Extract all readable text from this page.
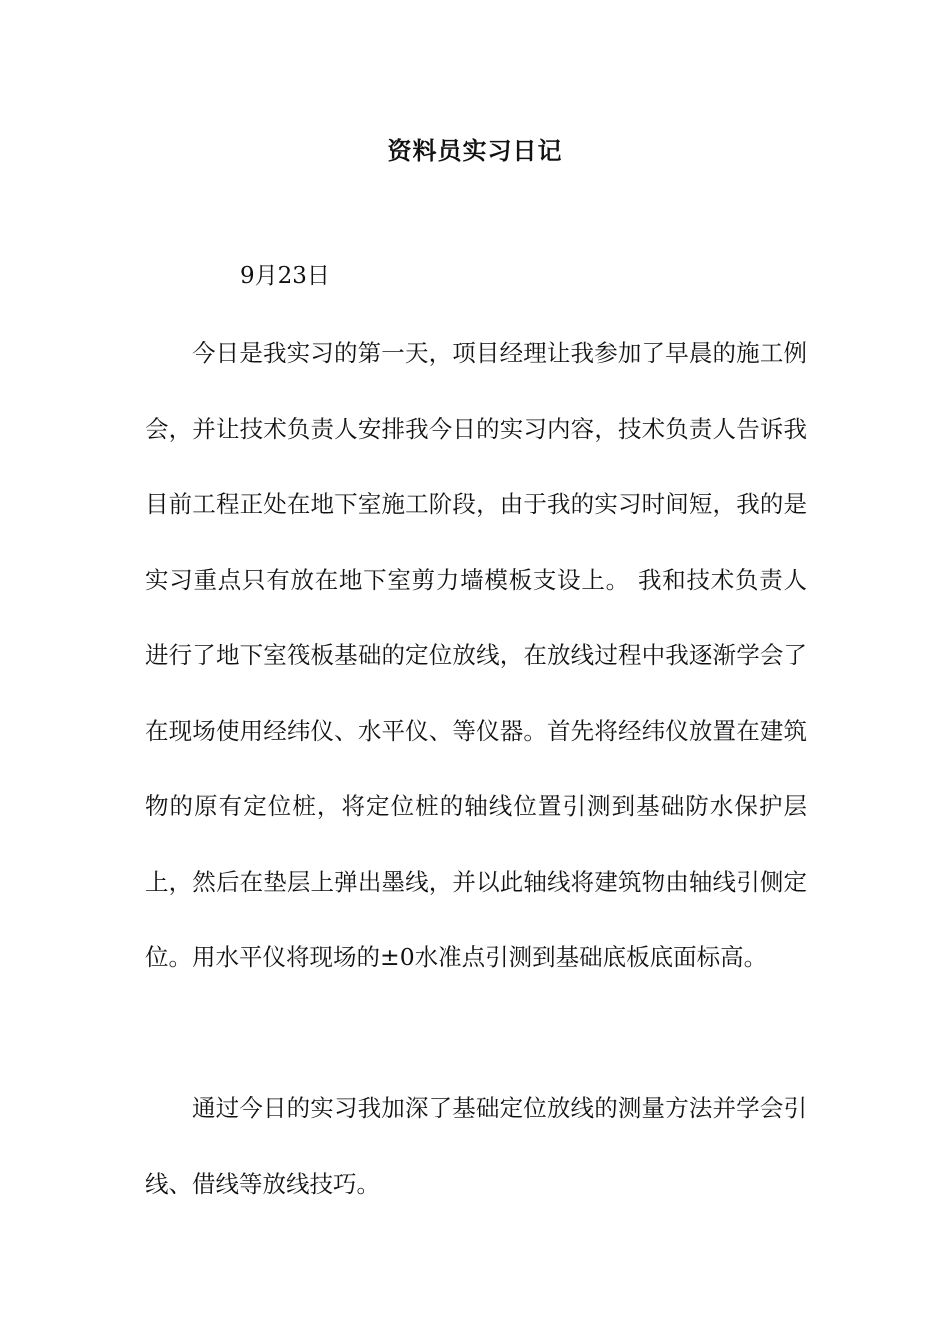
资料员实习日记

9月23日

今日是我实习的第一天，项目经理让我参加了早晨的施工例会，并让技术负责人安排我今日的实习内容，技术负责人告诉我目前工程正处在地下室施工阶段，由于我的实习时间短，我的是实习重点只有放在地下室剪力墙模板支设上。 我和技术负责人进行了地下室筏板基础的定位放线，在放线过程中我逐渐学会了在现场使用经纬仪、水平仪、等仪器。首先将经纬仪放置在建筑物的原有定位桩，将定位桩的轴线位置引测到基础防水保护层上，然后在垫层上弹出墨线，并以此轴线将建筑物由轴线引侧定位。用水平仪将现场的±0水准点引测到基础底板底面标高。

通过今日的实习我加深了基础定位放线的测量方法并学会引线、借线等放线技巧。
